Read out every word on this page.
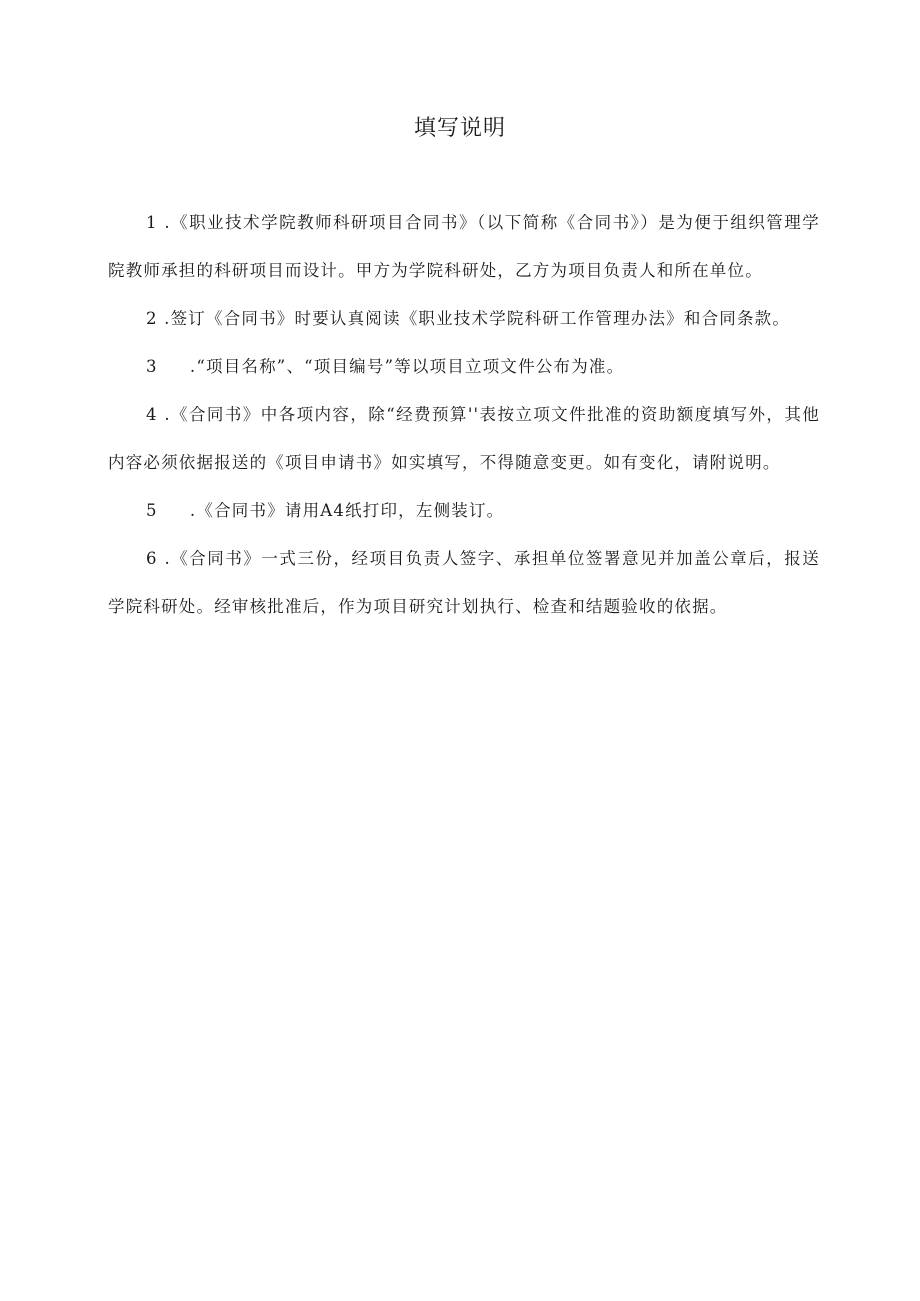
填写说明

1 .《职业技术学院教师科研项目合同书》（以下简称《合同书》）是为便于组织管理学院教师承担的科研项目而设计。甲方为学院科研处，乙方为项目负责人和所在单位。

2 .签订《合同书》时要认真阅读《职业技术学院科研工作管理办法》和合同条款。

3     .“项目名称”、“项目编号”等以项目立项文件公布为准。

4 .《合同书》中各项内容，除“经费预算''表按立项文件批准的资助额度填写外，其他内容必须依据报送的《项目申请书》如实填写，不得随意变更。如有变化，请附说明。

5     .《合同书》请用A4纸打印，左侧装订。

6 .《合同书》一式三份，经项目负责人签字、承担单位签署意见并加盖公章后，报送学院科研处。经审核批准后，作为项目研究计划执行、检查和结题验收的依据。
